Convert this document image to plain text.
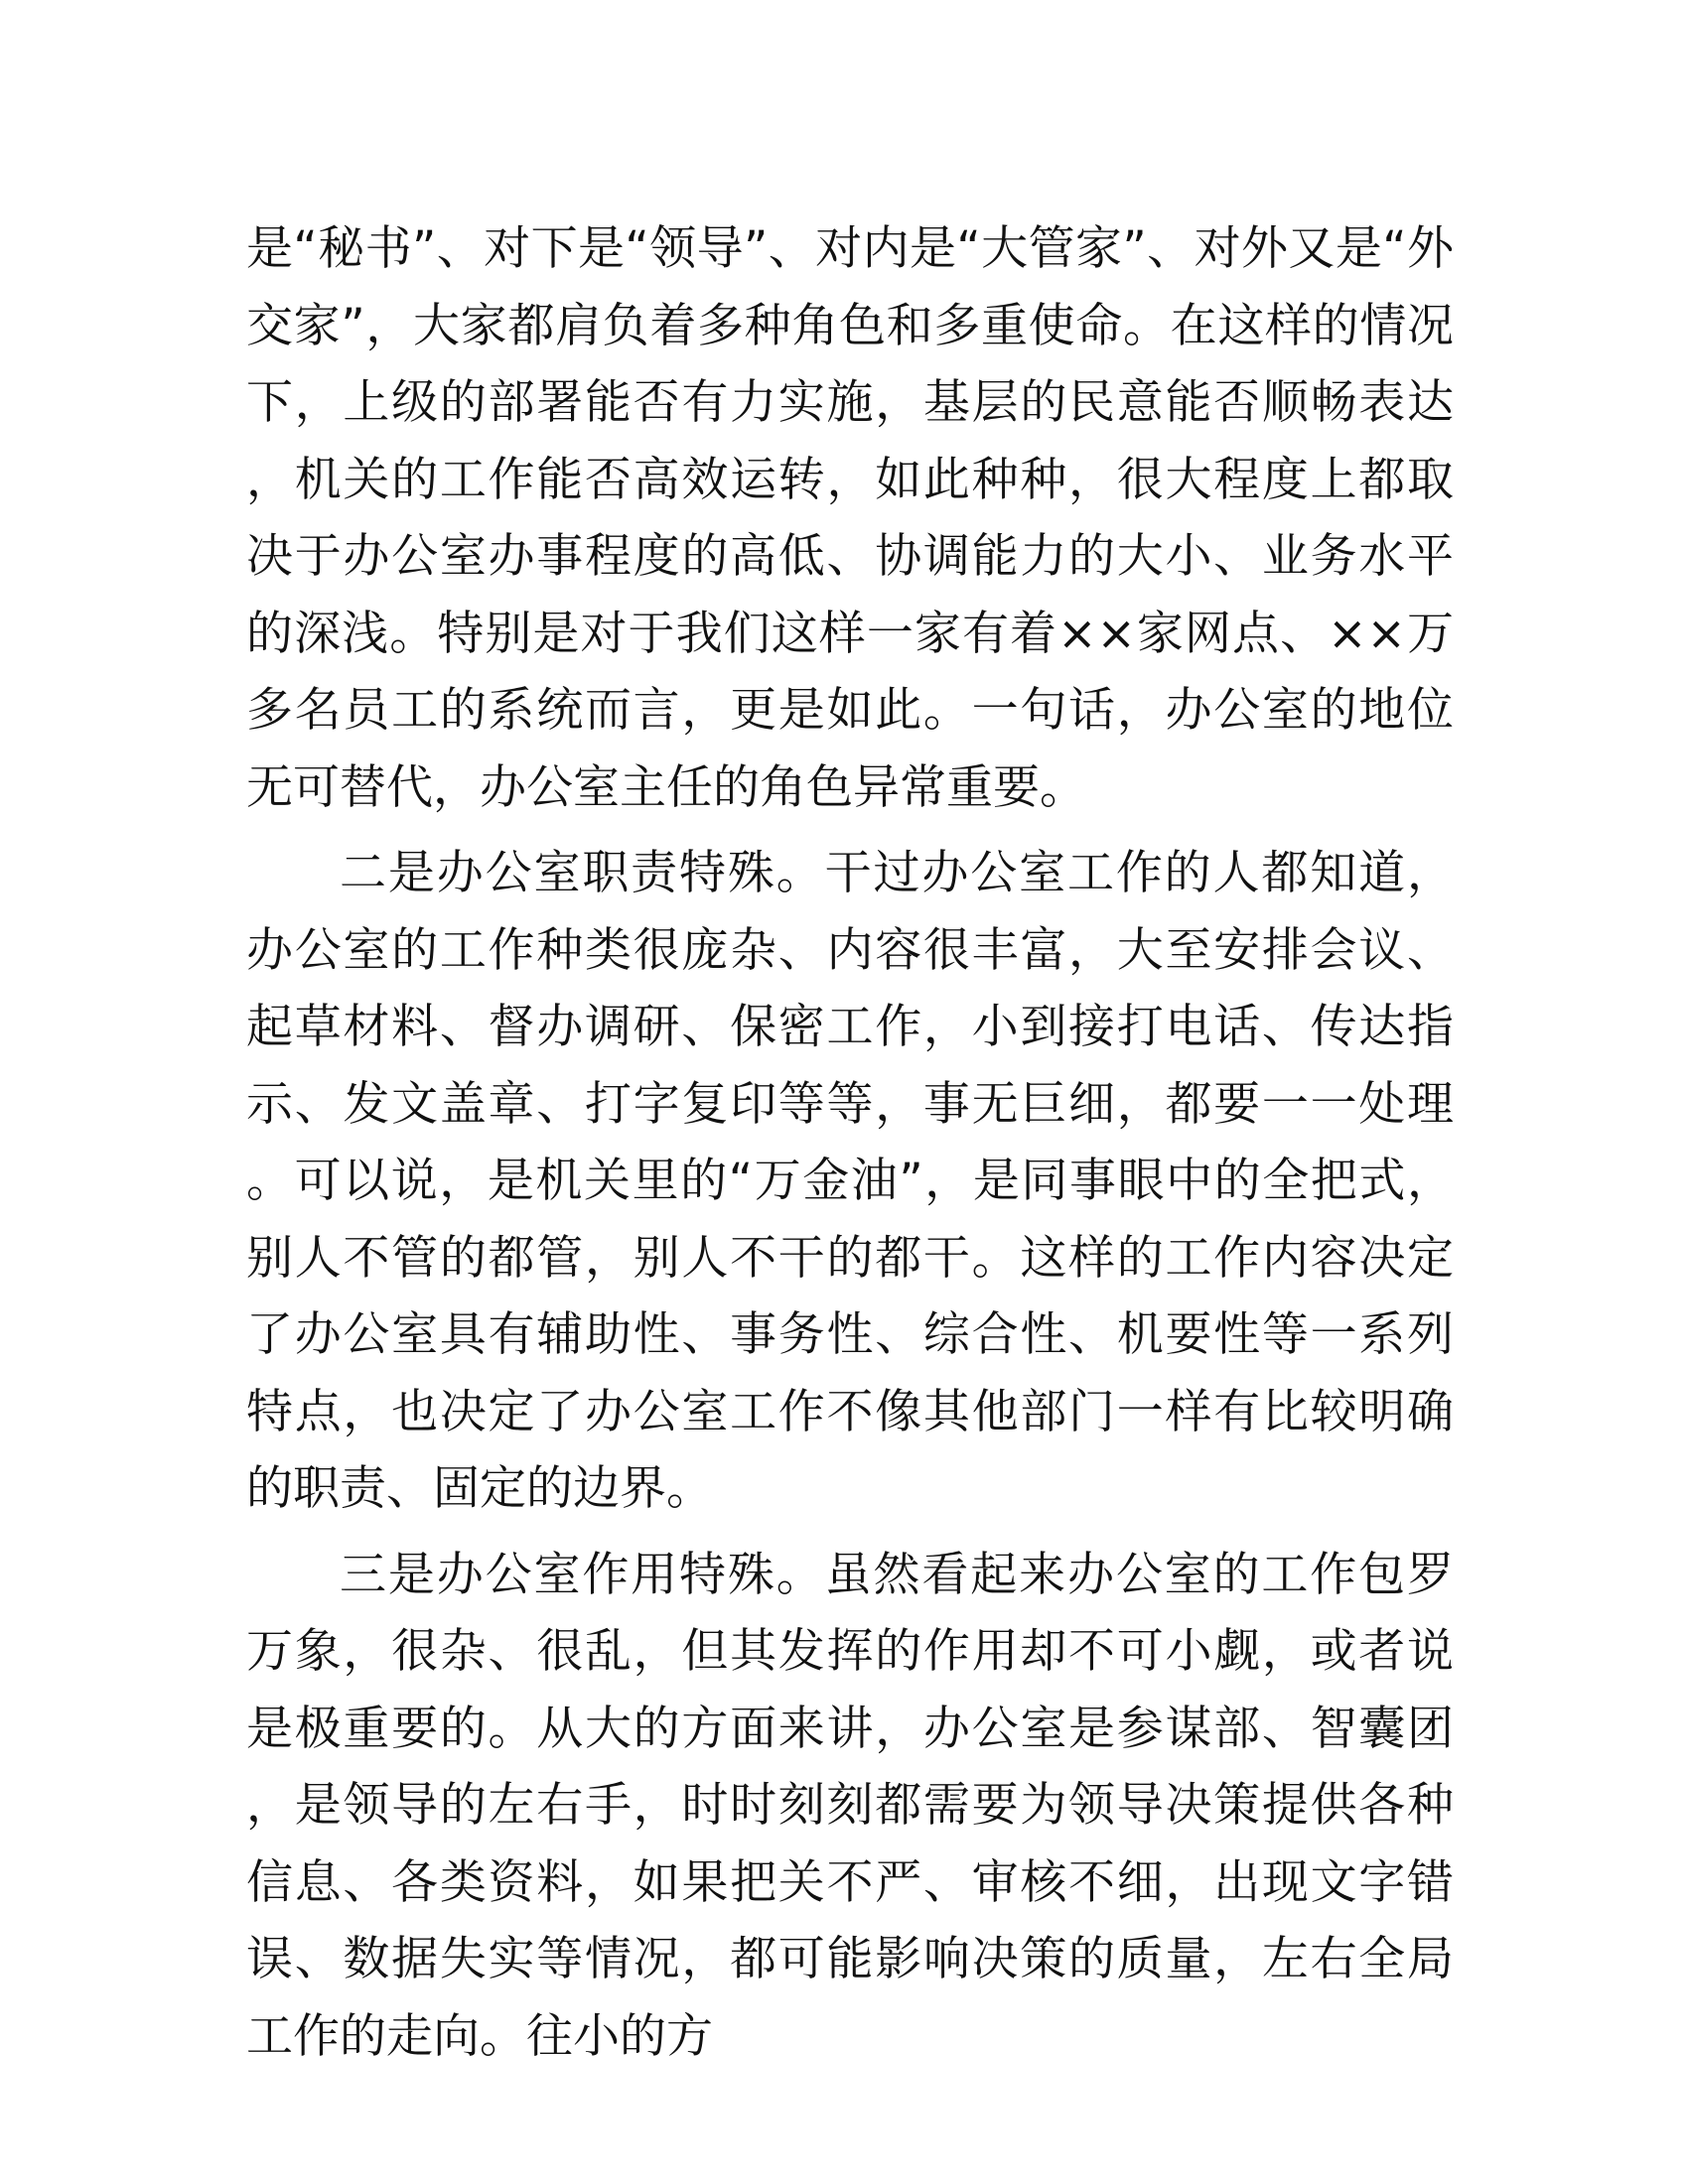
是“秘书”、对下是“领导”、对内是“大管家”、对外又是“外交家”，大家都肩负着多种角色和多重使命。在这样的情况下，上级的部署能否有力实施，基层的民意能否顺畅表达，机关的工作能否高效运转，如此种种，很大程度上都取决于办公室办事程度的高低、协调能力的大小、业务水平的深浅。特别是对于我们这样一家有着××家网点、××万多名员工的系统而言，更是如此。一句话，办公室的地位无可替代，办公室主任的角色异常重要。

二是办公室职责特殊。干过办公室工作的人都知道，办公室的工作种类很庞杂、内容很丰富，大至安排会议、起草材料、督办调研、保密工作，小到接打电话、传达指示、发文盖章、打字复印等等，事无巨细，都要一一处理。可以说，是机关里的“万金油”，是同事眼中的全把式，别人不管的都管，别人不干的都干。这样的工作内容决定了办公室具有辅助性、事务性、综合性、机要性等一系列特点，也决定了办公室工作不像其他部门一样有比较明确的职责、固定的边界。

三是办公室作用特殊。虽然看起来办公室的工作包罗万象，很杂、很乱，但其发挥的作用却不可小觑，或者说是极重要的。从大的方面来讲，办公室是参谋部、智囊团，是领导的左右手，时时刻刻都需要为领导决策提供各种信息、各类资料，如果把关不严、审核不细，出现文字错误、数据失实等情况，都可能影响决策的质量，左右全局工作的走向。往小的方
